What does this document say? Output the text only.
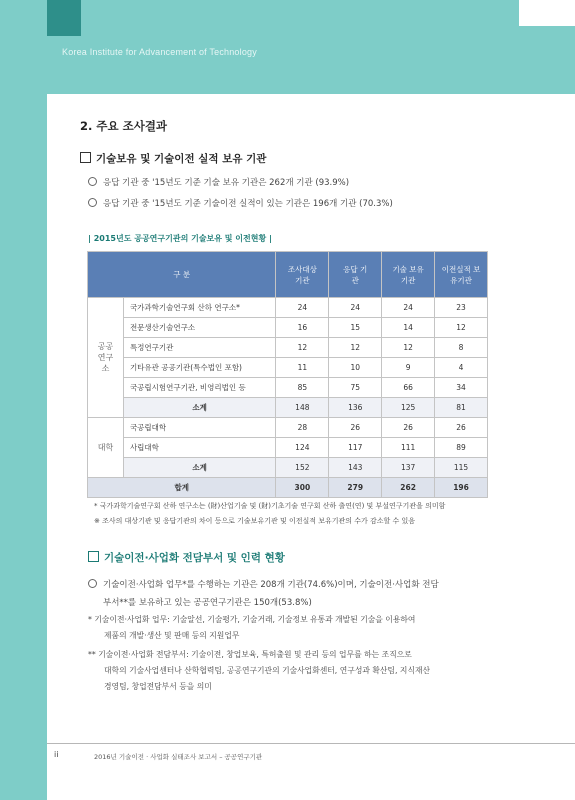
Korea Institute for Advancement of Technology
2. 주요 조사결과
기술보유 및 기술이전 실적 보유 기관
응답 기관 중 '15년도 기준 기술 보유 기관은 262개 기관 (93.9%)
응답 기관 중 '15년도 기준 기술이전 실적이 있는 기관은 196개 기관 (70.3%)
| 2015년도 공공연구기관의 기술보유 및 이전현황 |
구 분		조사대상 기관	응답 기관	기술 보유기관	이전실적 보유기관

공공 연구소	국가과학기술연구회 산하 연구소*	24	24	24	23
	전문생산기술연구소	16	15	14	12
	특정연구기관	12	12	12	8
	기타유관 공공기관(특수법인 포함)	11	10	9	4
	국공립시험연구기관, 비영리법인 등	85	75	66	34
	소계	148	136	125	81
대학	국공립대학	28	26	26	26
	사립대학	124	117	111	89
	소계	152	143	137	115
합계		300	279	262	196
* 국가과학기술연구회 산하 연구소는 (財)산업기술 및 (財)기초기술 연구회 산하 출연(연) 및 부설연구기관을 의미함
※ 조사의 대상기관 및 응답기관의 차이 등으로 기술보유기관 및 이전실적 보유기관의 수가 감소할 수 있음
기술이전·사업화 전담부서 및 인력 현황
기술이전·사업화 업무*를 수행하는 기관은 208개 기관(74.6%)이며, 기술이전·사업화 전담
부서**를 보유하고 있는 공공연구기관은 150개(53.8%)
* 기술이전·사업화 업무: 기술알선, 기술평가, 기술거래, 기술정보 유통과 개발된 기술을 이용하여
제품의 개발·생산 및 판매 등의 지원업무
** 기술이전·사업화 전담부서: 기술이전, 창업보육, 특허출원 및 관리 등의 업무를 하는 조직으로
대학의 기술사업센터나 산학협력팀, 공공연구기관의 기술사업화센터, 연구성과 확산팀, 지식재산
경영팀, 창업전담부서 등을 의미
ii	2016년 기술이전 · 사업화 실태조사 보고서 – 공공연구기관
